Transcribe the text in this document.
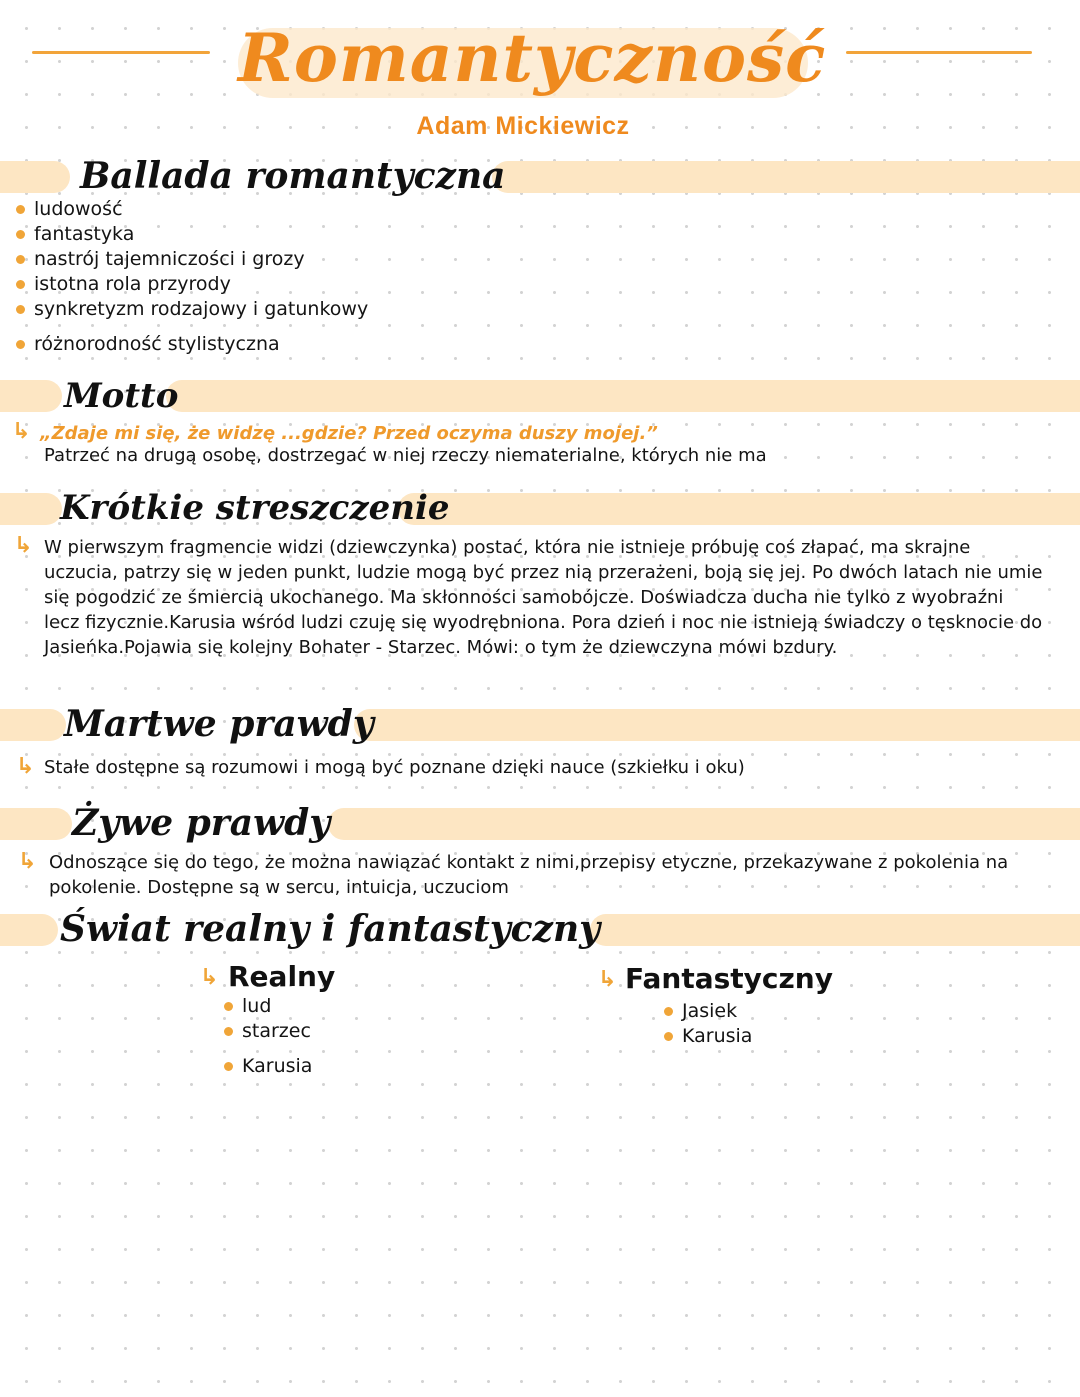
Romantyczność
Adam Mickiewicz
Ballada romantyczna
ludowość
fantastyka
nastrój tajemniczości i grozy
istotna rola przyrody
synkretyzm rodzajowy i gatunkowy
różnorodność stylistyczna
Motto
↳ „Zdaje mi się, że widzę ...gdzie? Przed oczyma duszy mojej.”
Patrzeć na drugą osobę, dostrzegać w niej rzeczy niematerialne, których nie ma
Krótkie streszczenie
↳ W pierwszym fragmencie widzi (dziewczynka) postać, która nie istnieje próbuję coś złapać, ma skrajne uczucia, patrzy się w jeden punkt, ludzie mogą być przez nią przerażeni, boją się jej. Po dwóch latach nie umie się pogodzić ze śmiercią ukochanego. Ma skłonności samobójcze. Doświadcza ducha nie tylko z wyobraźni lecz fizycznie.Karusia wśród ludzi czuję się wyodrębniona. Pora dzień i noc nie istnieją świadczy o tęsknocie do Jasieńka.Pojawia się kolejny Bohater - Starzec. Mówi: o tym że dziewczyna mówi bzdury.
Martwe prawdy
↳ Stałe dostępne są rozumowi i mogą być poznane dzięki nauce (szkiełku i oku)
Żywe prawdy
↳ Odnoszące się do tego, że można nawiązać kontakt z nimi,przepisy etyczne, przekazywane z pokolenia na pokolenie. Dostępne są w sercu, intuicja, uczuciom
Świat realny i fantastyczny
↳ Realny
lud
starzec
Karusia
↳ Fantastyczny
Jasiek
Karusia
